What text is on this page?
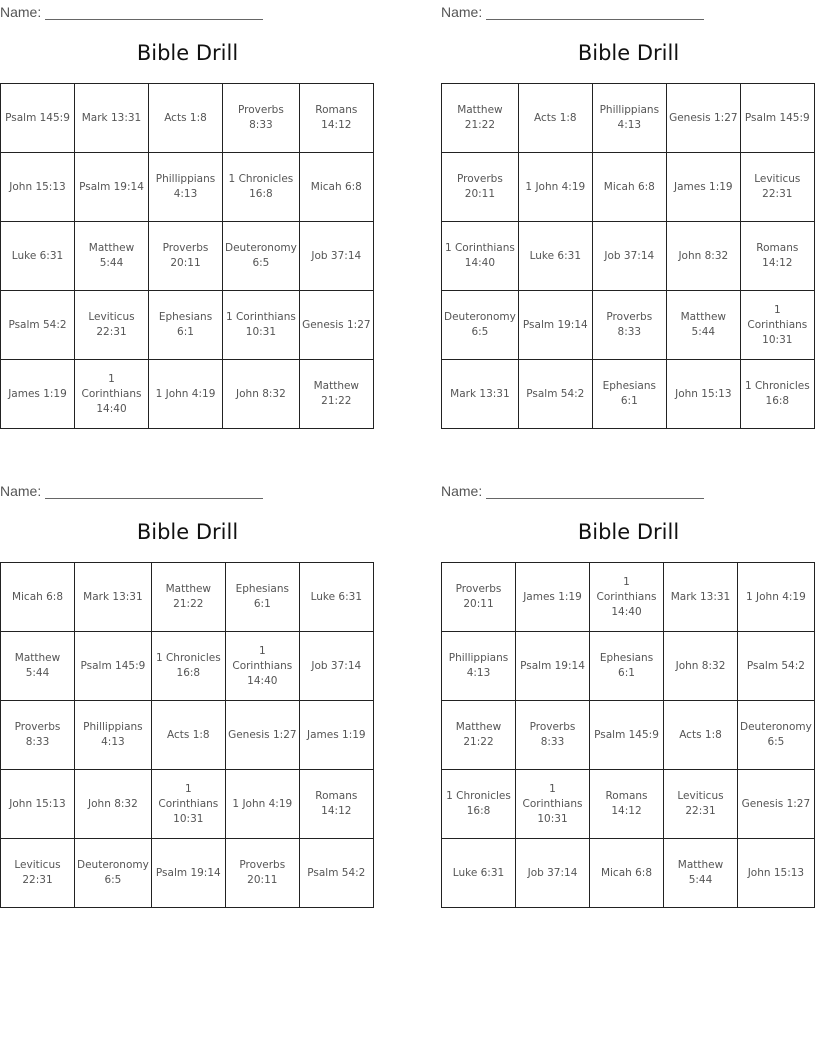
Name:
Bible Drill
Psalm 145:9	Mark 13:31	Acts 1:8	Proverbs 8:33	Romans 14:12
John 15:13	Psalm 19:14	Phillippians 4:13	1 Chronicles 16:8	Micah 6:8
Luke 6:31	Matthew 5:44	Proverbs 20:11	Deuteronomy 6:5	Job 37:14
Psalm 54:2	Leviticus 22:31	Ephesians 6:1	1 Corinthians 10:31	Genesis 1:27
James 1:19	1 Corinthians 14:40	1 John 4:19	John 8:32	Matthew 21:22
Name:
Bible Drill
Matthew 21:22	Acts 1:8	Phillippians 4:13	Genesis 1:27	Psalm 145:9
Proverbs 20:11	1 John 4:19	Micah 6:8	James 1:19	Leviticus 22:31
1 Corinthians 14:40	Luke 6:31	Job 37:14	John 8:32	Romans 14:12
Deuteronomy 6:5	Psalm 19:14	Proverbs 8:33	Matthew 5:44	1 Corinthians 10:31
Mark 13:31	Psalm 54:2	Ephesians 6:1	John 15:13	1 Chronicles 16:8
Name:
Bible Drill
Micah 6:8	Mark 13:31	Matthew 21:22	Ephesians 6:1	Luke 6:31
Matthew 5:44	Psalm 145:9	1 Chronicles 16:8	1 Corinthians 14:40	Job 37:14
Proverbs 8:33	Phillippians 4:13	Acts 1:8	Genesis 1:27	James 1:19
John 15:13	John 8:32	1 Corinthians 10:31	1 John 4:19	Romans 14:12
Leviticus 22:31	Deuteronomy 6:5	Psalm 19:14	Proverbs 20:11	Psalm 54:2
Name:
Bible Drill
Proverbs 20:11	James 1:19	1 Corinthians 14:40	Mark 13:31	1 John 4:19
Phillippians 4:13	Psalm 19:14	Ephesians 6:1	John 8:32	Psalm 54:2
Matthew 21:22	Proverbs 8:33	Psalm 145:9	Acts 1:8	Deuteronomy 6:5
1 Chronicles 16:8	1 Corinthians 10:31	Romans 14:12	Leviticus 22:31	Genesis 1:27
Luke 6:31	Job 37:14	Micah 6:8	Matthew 5:44	John 15:13
